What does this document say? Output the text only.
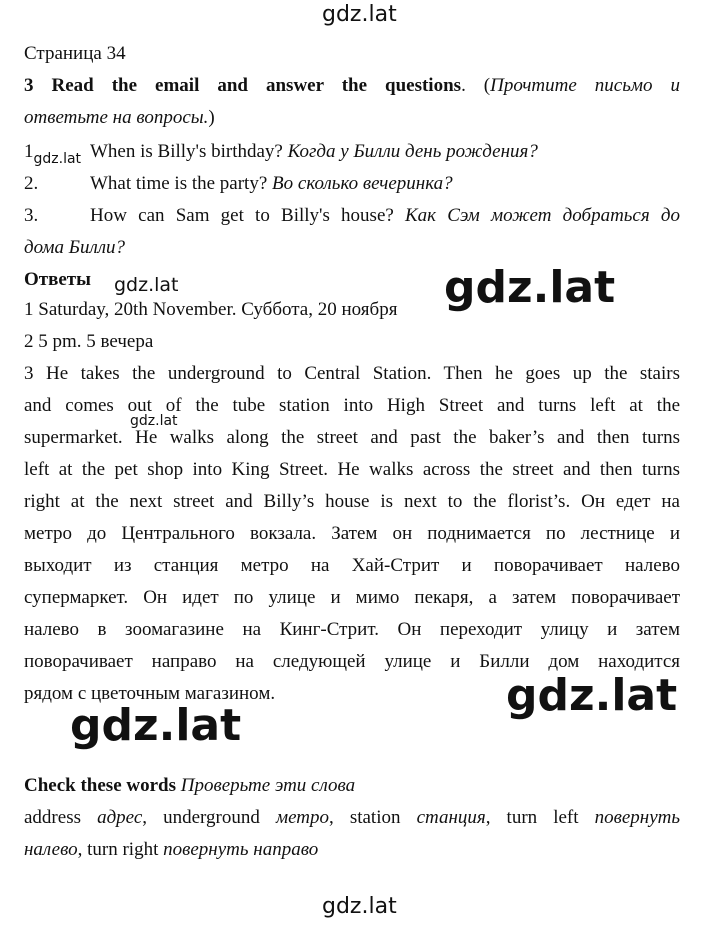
gdz.lat
gdz.lat
gdz.lat
gdz.lat
gdz.lat
gdz.lat
gdz.lat
Страница 34
3 Read the email and answer the questions. (Прочтите письмо и
ответьте на вопросы.)
$1_{gdz.lat}$ When is Billy's birthday? Когда у Билли день рождения?
2.	What time is the party? Во сколько вечеринка?
3.	How can Sam get to Billy's house? Как Сэм может добраться до
дома Билли?
Ответы
1 Saturday, 20th November. Суббота, 20 ноября
2 5 pm. 5 вечера
3 He takes the underground to Central Station. Then he goes up the stairs
and comes out of the tube station into High Street and turns left at the
supermarket. He walks along the street and past the baker’s and then turns
left at the pet shop into King Street. He walks across the street and then turns
right at the next street and Billy’s house is next to the florist’s. Он едет на
метро до Центрального вокзала. Затем он поднимается по лестнице и
выходит из станция метро на Хай-Стрит и поворачивает налево
супермаркет. Он идет по улице и мимо пекаря, а затем поворачивает
налево в зоомагазине на Кинг-Стрит. Он переходит улицу и затем
поворачивает направо на следующей улице и Билли дом находится
рядом с цветочным магазином.
Check these words Проверьте эти слова
address адрес, underground метро, station станция, turn left повернуть
налево, turn right повернуть направо
